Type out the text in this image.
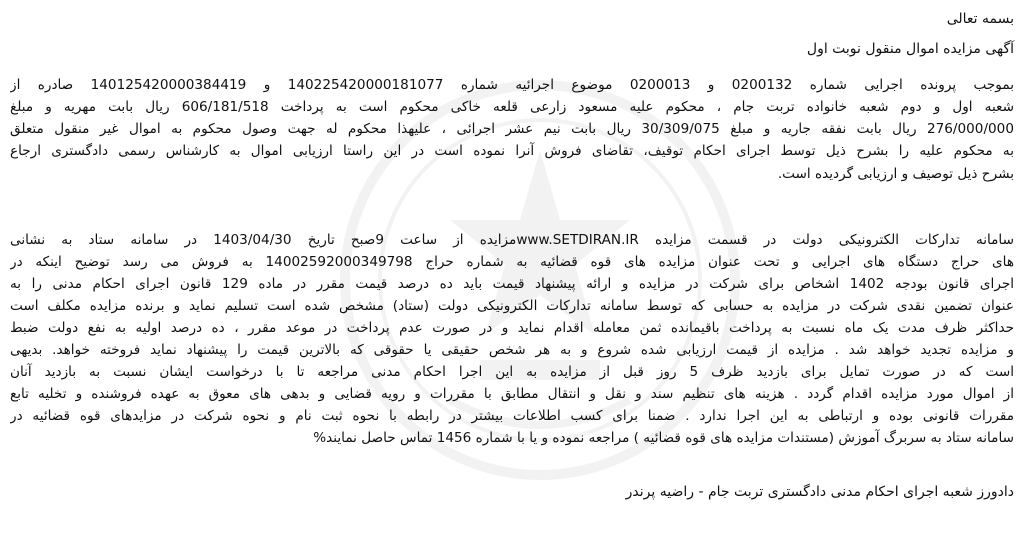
بسمه تعالی
آگهی مزایده اموال منقول نوبت اول
بموجب پرونده اجرایی شماره 0200132 و 0200013 موضوع اجرائیه شماره 140225420000181077 و 140125420000384419 صادره از
شعبه اول و دوم شعبه خانواده تربت جام ، محکوم علیه مسعود زارعی قلعه خاکی محکوم است به پرداخت 606/181/518 ریال بابت مهریه و مبلغ
276/000/000 ریال بابت نفقه جاریه و مبلغ 30/309/075 ریال بابت نیم عشر اجرائی ، علیهذا محکوم له جهت وصول محکوم به اموال غیر منقول متعلق
به محکوم علیه را بشرح ذیل توسط اجرای احکام توقیف، تقاضای فروش آنرا نموده است در این راستا ارزیابی اموال به کارشناس رسمی دادگستری ارجاع
بشرح ذیل توصیف و ارزیابی گردیده است.
سامانه تدارکات الکترونیکی دولت در قسمت مزایده www.SETDIRAN.IRمزایده از ساعت 9صبح تاریخ 1403/04/30 در سامانه ستاد به نشانی
های حراج دستگاه های اجرایی و تحت عنوان مزایده های قوه قضائیه به شماره حراج 14002592000349798 به فروش می رسد توضیح اینکه در
اجرای قانون بودجه 1402 اشخاص برای شرکت در مزایده و ارائه پیشنهاد قیمت باید ده درصد قیمت مقرر در ماده 129 قانون اجرای احکام مدنی را به
عنوان تضمین نقدی شرکت در مزایده به حسابی که توسط سامانه تدارکات الکترونیکی دولت (ستاد) مشخص شده است تسلیم نماید و برنده مزایده مکلف است
حداکثر ظرف مدت یک ماه نسبت به پرداخت باقیمانده ثمن معامله اقدام نماید و در صورت عدم پرداخت در موعد مقرر ، ده درصد اولیه به نفع دولت ضبط
و مزایده تجدید خواهد شد . مزایده از قیمت ارزیابی شده شروع و به هر شخص حقیقی یا حقوقی که بالاترین قیمت را پیشنهاد نماید فروخته خواهد. بدیهی
است که در صورت تمایل برای بازدید ظرف 5 روز قبل از مزایده به این اجرا احکام مدنی مراجعه تا با درخواست ایشان نسبت به بازدید آنان
از اموال مورد مزایده اقدام گردد . هزینه های تنظیم سند و نقل و انتقال مطابق با مقررات و رویه قضایی و بدهی های معوق به عهده فروشنده و تخلیه تابع
مقررات قانونی بوده و ارتباطی به این اجرا ندارد . ضمنا برای کسب اطلاعات بیشتر در رابطه با نحوه ثبت نام و نحوه شرکت در مزایدهای قوه قضائیه در
سامانه ستاد به سربرگ آموزش (مستندات مزایده های قوه قضائیه ) مراجعه نموده و یا با شماره 1456 تماس حاصل نمایند%
دادورز شعبه اجرای احکام مدنی دادگستری تربت جام - راضیه پرندر
